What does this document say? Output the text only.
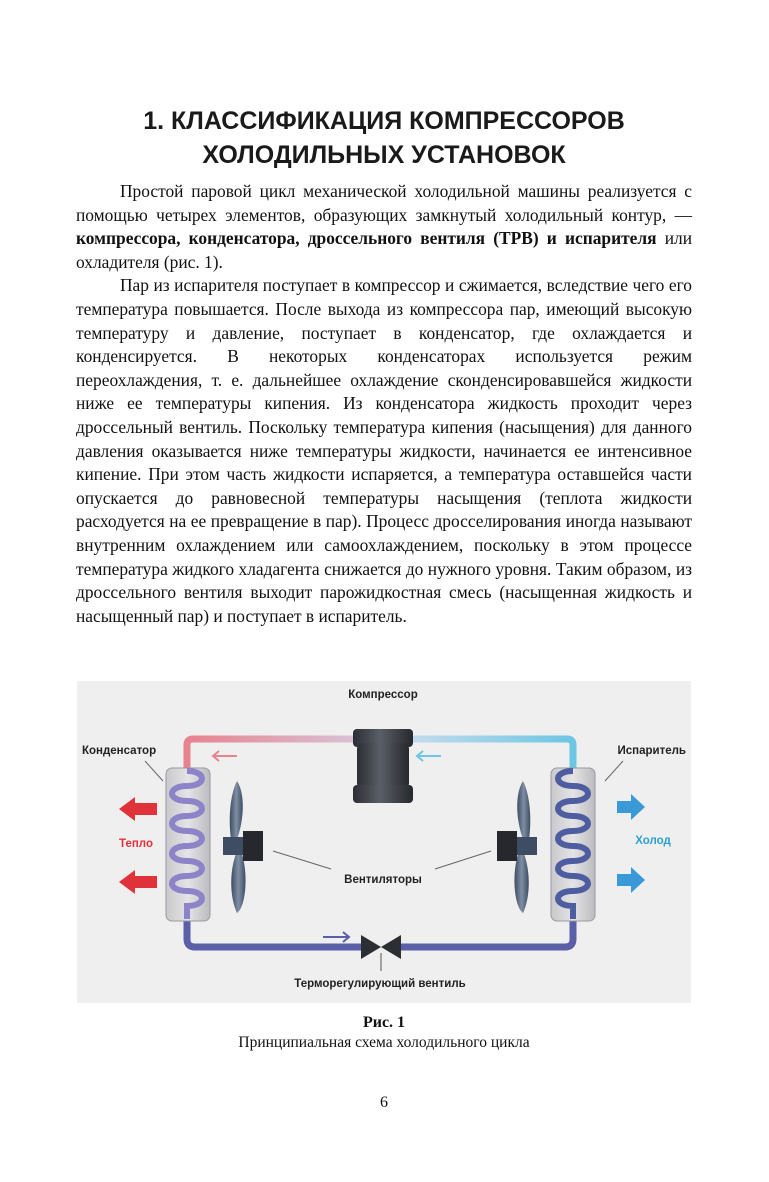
1. КЛАССИФИКАЦИЯ КОМПРЕССОРОВ
ХОЛОДИЛЬНЫХ УСТАНОВОК

Простой паровой цикл механической холодильной машины реализуется с помощью четырех элементов, образующих замкнутый холодильный контур, — компрессора, конденсатора, дроссельного вентиля (ТРВ) и испарителя или охладителя (рис. 1).

Пар из испарителя поступает в компрессор и сжимается, вследствие чего его температура повышается. После выхода из компрессора пар, имеющий высокую температуру и давление, поступает в конденсатор, где охлаждается и конденсируется. В некоторых конденсаторах используется режим переохлаждения, т. е. дальнейшее охлаждение сконденсировавшейся жидкости ниже ее температуры кипения. Из конденсатора жидкость проходит через дроссельный вентиль. Поскольку температура кипения (насыщения) для данного давления оказывается ниже температуры жидкости, начинается ее интенсивное кипение. При этом часть жидкости испаряется, а температура оставшейся части опускается до равновесной температуры насыщения (теплота жидкости расходуется на ее превращение в пар). Процесс дросселирования иногда называют внутренним охлаждением или самоохлаждением, поскольку в этом процессе температура жидкого хладагента снижается до нужного уровня. Таким образом, из дроссельного вентиля выходит парожидкостная смесь (насыщенная жидкость и насыщенный пар) и поступает в испаритель.

Компрессор
Конденсатор	Испаритель
Тепло	Холод
Вентиляторы
Терморегулирующий вентиль
Рис. 1
Принципиальная схема холодильного цикла
6
